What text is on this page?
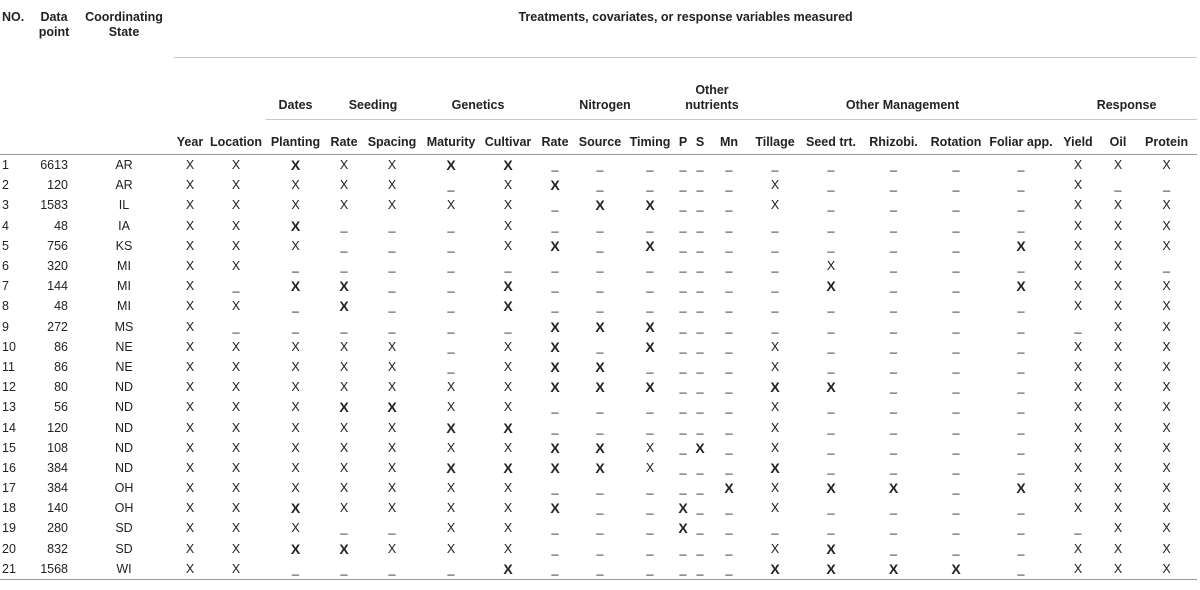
NO.	Data point	Coordinating State	Treatments, covariates, or response variables measured																				
					Dates	Seeding		Genetics		Nitrogen			Other nutrients			Other Management					Response		
			Year	Location	Planting	Rate	Spacing	Maturity	Cultivar	Rate	Source	Timing	P	S	Mn	Tillage	Seed trt.	Rhizobi.	Rotation	Foliar app.	Yield	Oil	Protein
1	6613	AR	X	X	X	X	X	X	X	_	_	_	_	_	_	_	_	_	_	_	X	X	X
2	120	AR	X	X	X	X	X	_	X	X	_	_	_	_	_	X	_	_	_	_	X	_	_
3	1583	IL	X	X	X	X	X	X	X	_	X	X	_	_	_	X	_	_	_	_	X	X	X
4	48	IA	X	X	X	_	_	_	X	_	_	_	_	_	_	_	_	_	_	_	X	X	X
5	756	KS	X	X	X	_	_	_	X	X	_	X	_	_	_	_	_	_	_	X	X	X	X
6	320	MI	X	X	_	_	_	_	_	_	_	_	_	_	_	_	X	_	_	_	X	X	_
7	144	MI	X	_	X	X	_	_	X	_	_	_	_	_	_	_	X	_	_	X	X	X	X
8	48	MI	X	X	_	X	_	_	X	_	_	_	_	_	_	_	_	_	_	_	X	X	X
9	272	MS	X	_	_	_	_	_	_	X	X	X	_	_	_	_	_	_	_	_	_	X	X
10	86	NE	X	X	X	X	X	_	X	X	_	X	_	_	_	X	_	_	_	_	X	X	X
11	86	NE	X	X	X	X	X	_	X	X	X	_	_	_	_	X	_	_	_	_	X	X	X
12	80	ND	X	X	X	X	X	X	X	X	X	X	_	_	_	X	X	_	_	_	X	X	X
13	56	ND	X	X	X	X	X	X	X	_	_	_	_	_	_	X	_	_	_	_	X	X	X
14	120	ND	X	X	X	X	X	X	X	_	_	_	_	_	_	X	_	_	_	_	X	X	X
15	108	ND	X	X	X	X	X	X	X	X	X	X	_	X	_	X	_	_	_	_	X	X	X
16	384	ND	X	X	X	X	X	X	X	X	X	X	_	_	_	X	_	_	_	_	X	X	X
17	384	OH	X	X	X	X	X	X	X	_	_	_	_	_	X	X	X	X	_	X	X	X	X
18	140	OH	X	X	X	X	X	X	X	X	_	_	X	_	_	X	_	_	_	_	X	X	X
19	280	SD	X	X	X	_	_	X	X	_	_	_	X	_	_	_	_	_	_	_	_	X	X
20	832	SD	X	X	X	X	X	X	X	_	_	_	_	_	_	X	X	_	_	_	X	X	X
21	1568	WI	X	X	_	_	_	_	X	_	_	_	_	_	_	X	X	X	X	_	X	X	X
